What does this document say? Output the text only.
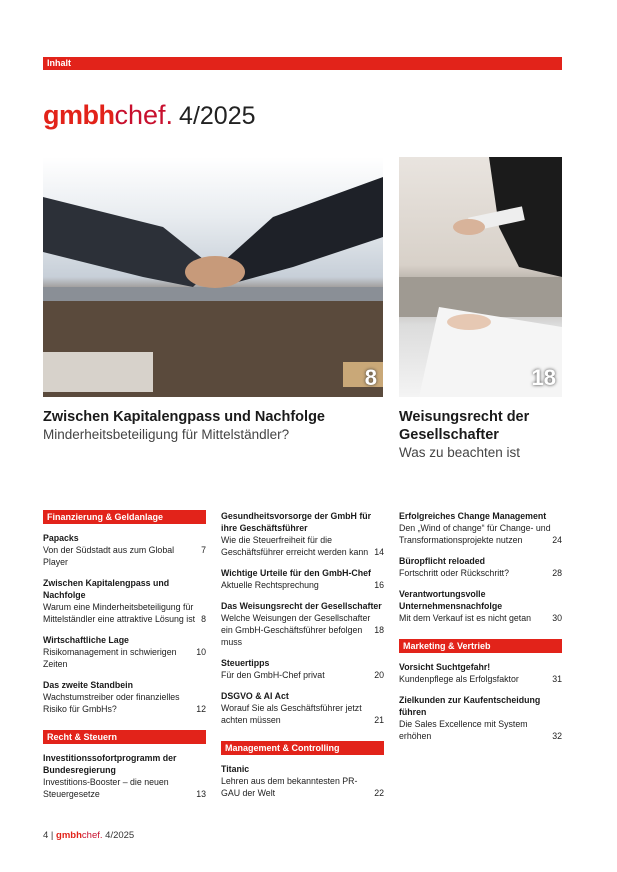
Inhalt
gmbhchef. 4/2025
8	18
Zwischen Kapitalengpass und Nachfolge
Minderheitsbeteiligung für Mittelständler?
Weisungsrecht der Gesellschafter
Was zu beachten ist
Finanzierung & Geldanlage
Papacks
7
Von der Südstadt aus zum Global Player
Zwischen Kapitalengpass und Nachfolge
8
Warum eine Minderheitsbeteiligung für Mittelständler eine attraktive Lösung ist
Wirtschaftliche Lage
10
Risikomanagement in schwierigen Zeiten
Das zweite Standbein
12
Wachstumstreiber oder finanzielles Risiko für GmbHs?
Recht & Steuern
Investitionssofortprogramm der Bundesregierung
13
Investitions-Booster – die neuen Steuergesetze
Gesundheitsvorsorge der GmbH für ihre Geschäftsführer
14
Wie die Steuerfreiheit für die Geschäftsführer erreicht werden kann
Wichtige Urteile für den GmbH-Chef
16
Aktuelle Rechtsprechung
Das Weisungsrecht der Gesellschafter
18
Welche Weisungen der Gesellschafter ein GmbH-Geschäftsführer befolgen muss
Steuertipps
20
Für den GmbH-Chef privat
DSGVO & AI Act
21
Worauf Sie als Geschäftsführer jetzt achten müssen
Management & Controlling
Titanic
22
Lehren aus dem bekanntesten PR-GAU der Welt
Erfolgreiches Change Management
24
Den „Wind of change“ für Change- und Transformationsprojekte nutzen
Büropflicht reloaded
28
Fortschritt oder Rückschritt?
Verantwortungsvolle Unternehmensnachfolge
30
Mit dem Verkauf ist es nicht getan
Marketing & Vertrieb
Vorsicht Suchtgefahr!
31
Kundenpflege als Erfolgsfaktor
Zielkunden zur Kaufentscheidung führen
32
Die Sales Excellence mit System erhöhen
4 | gmbhchef. 4/2025
